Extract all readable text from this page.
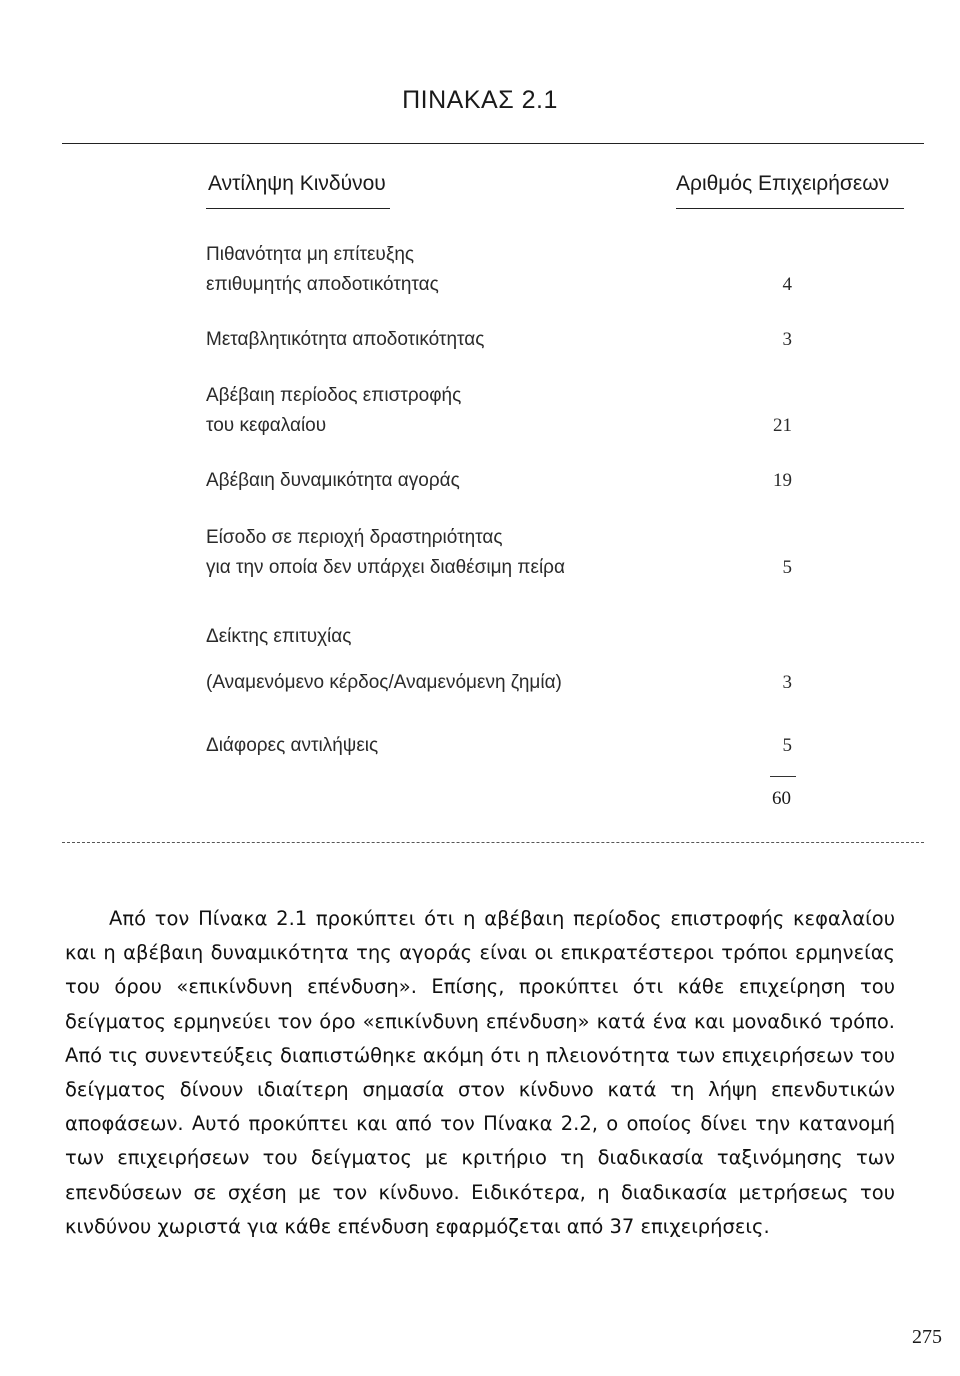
ΠΙΝΑΚΑΣ 2.1
Αντίληψη Κινδύνου	Αριθμός Επιχειρήσεων
Πιθανότητα μη επίτευξης
επιθυμητής αποδοτικότητας	4
Μεταβλητικότητα αποδοτικότητας	3
Αβέβαιη περίοδος επιστροφής
του κεφαλαίου	21
Αβέβαιη δυναμικότητα αγοράς	19
Είσοδο σε περιοχή δραστηριότητας
για την οποία δεν υπάρχει διαθέσιμη πείρα	5
Δείκτης επιτυχίας
(Αναμενόμενο κέρδος/Αναμενόμενη ζημία)	3
Διάφορες αντιλήψεις	5
60

Από τον Πίνακα 2.1 προκύπτει ότι η αβέβαιη περίοδος επιστροφής κεφαλαίου και η αβέβαιη δυναμικότητα της αγοράς είναι οι επικρατέστεροι τρόποι ερμηνείας του όρου «επικίνδυνη επένδυση». Επίσης, προκύπτει ότι κάθε επιχείρηση του δείγματος ερμηνεύει τον όρο «επικίνδυνη επένδυση» κατά ένα και μοναδικό τρόπο. Από τις συνεντεύξεις διαπιστώθηκε ακόμη ότι η πλειονότητα των επιχειρήσεων του δείγματος δίνουν ιδιαίτερη σημασία στον κίνδυνο κατά τη λήψη επενδυτικών αποφάσεων. Αυτό προκύπτει και από τον Πίνακα 2.2, ο οποίος δίνει την κατανομή των επιχειρήσεων του δείγματος με κριτήριο τη διαδικασία ταξινόμησης των επενδύσεων σε σχέση με τον κίνδυνο. Ειδικότερα, η διαδικασία μετρήσεως του κινδύνου χωριστά για κάθε επένδυση εφαρμόζεται από 37 επιχειρήσεις.

275
